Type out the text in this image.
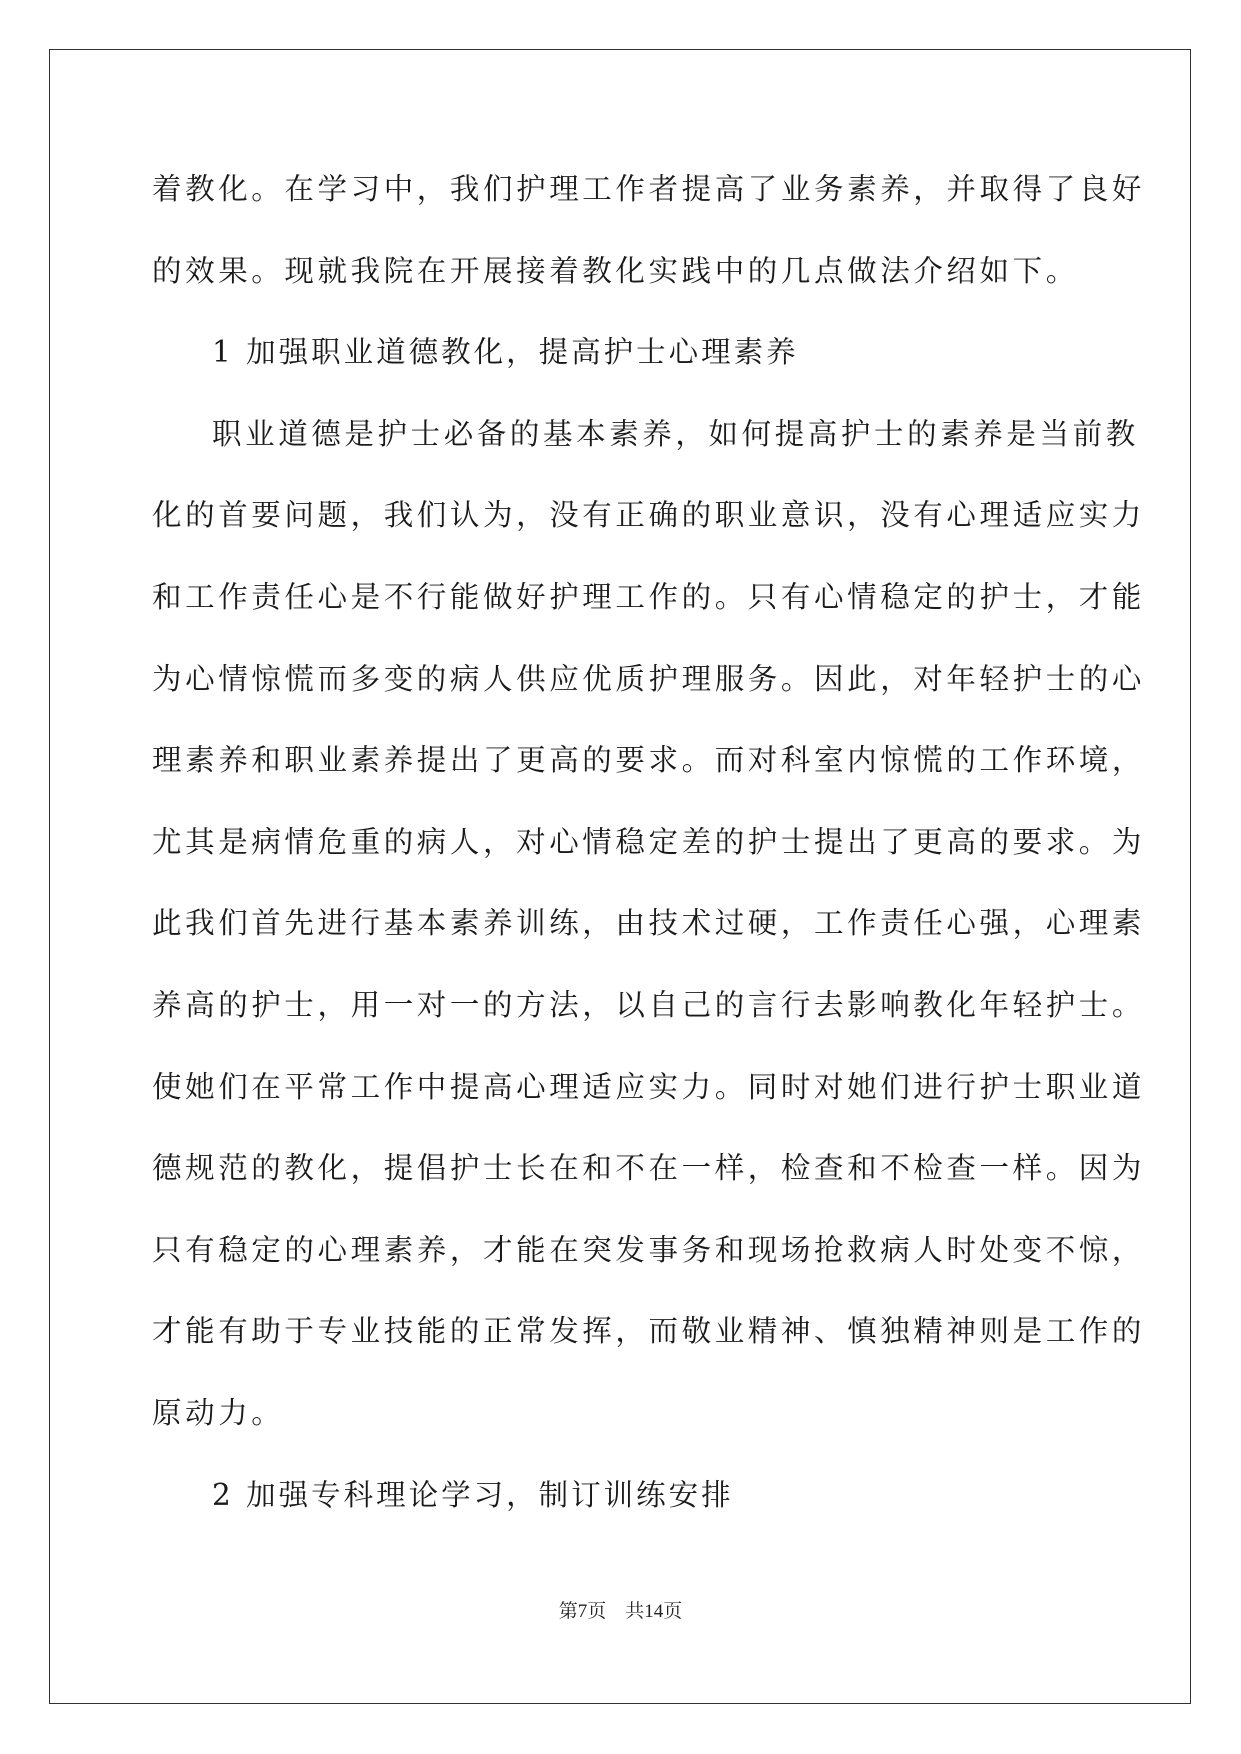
着教化。在学习中，我们护理工作者提高了业务素养，并取得了良好
的效果。现就我院在开展接着教化实践中的几点做法介绍如下。
1 加强职业道德教化，提高护士心理素养
职业道德是护士必备的基本素养，如何提高护士的素养是当前教
化的首要问题，我们认为，没有正确的职业意识，没有心理适应实力
和工作责任心是不行能做好护理工作的。只有心情稳定的护士，才能
为心情惊慌而多变的病人供应优质护理服务。因此，对年轻护士的心
理素养和职业素养提出了更高的要求。而对科室内惊慌的工作环境，
尤其是病情危重的病人，对心情稳定差的护士提出了更高的要求。为
此我们首先进行基本素养训练，由技术过硬，工作责任心强，心理素
养高的护士，用一对一的方法，以自己的言行去影响教化年轻护士。
使她们在平常工作中提高心理适应实力。同时对她们进行护士职业道
德规范的教化，提倡护士长在和不在一样，检查和不检查一样。因为
只有稳定的心理素养，才能在突发事务和现场抢救病人时处变不惊，
才能有助于专业技能的正常发挥，而敬业精神、慎独精神则是工作的
原动力。
2 加强专科理论学习，制订训练安排
第7页　共14页
